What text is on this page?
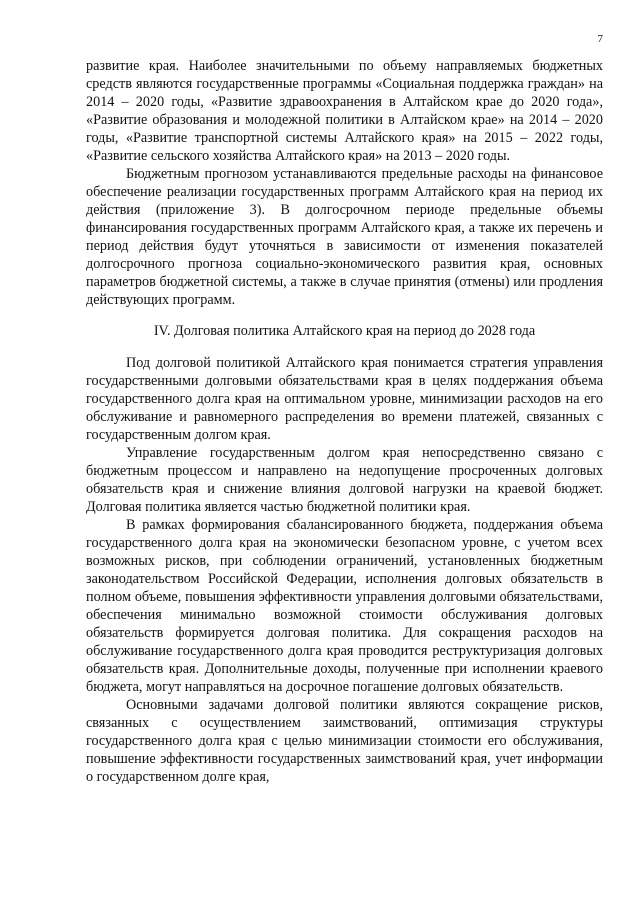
7

развитие края. Наиболее значительными по объему направляемых бюджетных средств являются государственные программы «Социальная поддержка граждан» на 2014 – 2020 годы, «Развитие здравоохранения в Алтайском крае до 2020 года», «Развитие образования и молодежной политики в Алтайском крае» на 2014 – 2020 годы, «Развитие транспортной системы Алтайского края» на 2015 – 2022 годы, «Развитие сельского хозяйства Алтайского края» на 2013 – 2020 годы.

Бюджетным прогнозом устанавливаются предельные расходы на финансовое обеспечение реализации государственных программ Алтайского края на период их действия (приложение 3). В долгосрочном периоде предельные объемы финансирования государственных программ Алтайского края, а также их перечень и период действия будут уточняться в зависимости от изменения показателей долгосрочного прогноза социально-экономического развития края, основных параметров бюджетной системы, а также в случае принятия (отмены) или продления действующих программ.

IV. Долговая политика Алтайского края на период до 2028 года

Под долговой политикой Алтайского края понимается стратегия управления государственными долговыми обязательствами края в целях поддержания объема государственного долга края на оптимальном уровне, минимизации расходов на его обслуживание и равномерного распределения во времени платежей, связанных с государственным долгом края.

Управление государственным долгом края непосредственно связано с бюджетным процессом и направлено на недопущение просроченных долговых обязательств края и снижение влияния долговой нагрузки на краевой бюджет. Долговая политика является частью бюджетной политики края.

В рамках формирования сбалансированного бюджета, поддержания объема государственного долга края на экономически безопасном уровне, с учетом всех возможных рисков, при соблюдении ограничений, установленных бюджетным законодательством Российской Федерации, исполнения долговых обязательств в полном объеме, повышения эффективности управления долговыми обязательствами, обеспечения минимально возможной стоимости обслуживания долговых обязательств формируется долговая политика. Для сокращения расходов на обслуживание государственного долга края проводится реструктуризация долговых обязательств края. Дополнительные доходы, полученные при исполнении краевого бюджета, могут направляться на досрочное погашение долговых обязательств.

Основными задачами долговой политики являются сокращение рисков, связанных с осуществлением заимствований, оптимизация структуры государственного долга края с целью минимизации стоимости его обслуживания, повышение эффективности государственных заимствований края, учет информации о государственном долге края,
